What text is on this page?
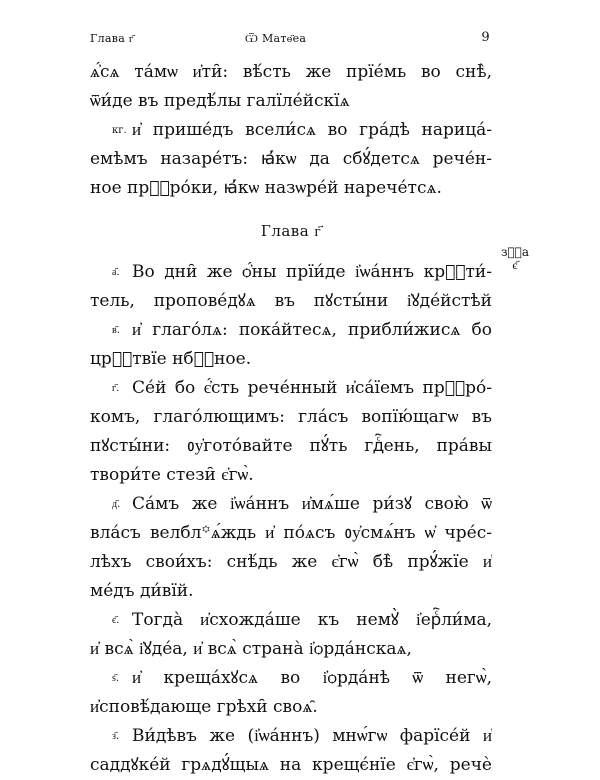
Глава г҃	Ѿ Матѳ҃еа	9
ѧ҆́сѧ та́мѡ и҆ти̑: вѣ́сть же прїе́мь во снѣ̀,
ѿи́де въ предѣ́лы галїле́йскїѧ
кг. и҆ прише́дъ всели́сѧ во гра́дѣ нарица́-
емѣмъ назаре́тъ: ꙗ҆́кѡ да сбꙋ́детсѧ рече́н-
ное прⷪ҇ро́ки, ꙗ҆́кѡ назѡре́й нарече́тсѧ.
Глава г҃
а҃. Во дни̑ же ѻ҆́ны прїи́де і҆ѡа́ннъ крⷭ҇ти́-
тель, пропове́дꙋѧ въ пꙋсты́ни і҆ꙋде́йстѣй
в҃. и҆ глаго́лѧ: пока́йтесѧ, прибли́жисѧ бо
црⷭ҇твїе нбⷭ҇ное.
г҃. Се́й бо є҆́сть рече́нный и҆са́їемъ прⷪ҇ро́-
комъ, глаго́лющимъ: гла́съ вопїю́щагѡ въ
пꙋсты́ни: ᲂу҆гото́вайте пꙋ́ть гдⷭ҇ень, пра́вы
твори́те стези̑ є҆гѡ̀.
д҃. Са́мъ же і҆ѡа́ннъ и҆мѧ́ше ри́зꙋ свою̀ ѿ
вла́съ велбл꙳ѧ́ждь и҆ по́ѧсъ ᲂу҆смѧ́нъ ѡ҆ чре́с-
лѣхъ свои́хъ: снѣ́дь же є҆гѡ̀ бѣ̀ прꙋ́жїе и҆
ме́дъ ди́вїй.
є҃. Тогда̀ и҆схожда́ше къ немꙋ̀ і҆ерⷭ҇ли́ма,
и҆ всѧ̀ і҆ꙋде́а, и҆ всѧ̀ страна̀ і҆ѻрда́нскаѧ,
ѕ҃. и҆ креща́хꙋсѧ во і҆ѻрда́нѣ ѿ негѡ̀,
и҆сповѣ́дающе грѣхи̑ своѧ̑.
з҃. Ви́дѣвъ же (і҆ѡа́ннъ) мнѡ́гѡ фарїсе́й и҆
саддꙋке́й грѧдꙋ́щыѧ на крещє́нїе є҆гѡ̀, речѐ
зⷭ҇а
є҃
